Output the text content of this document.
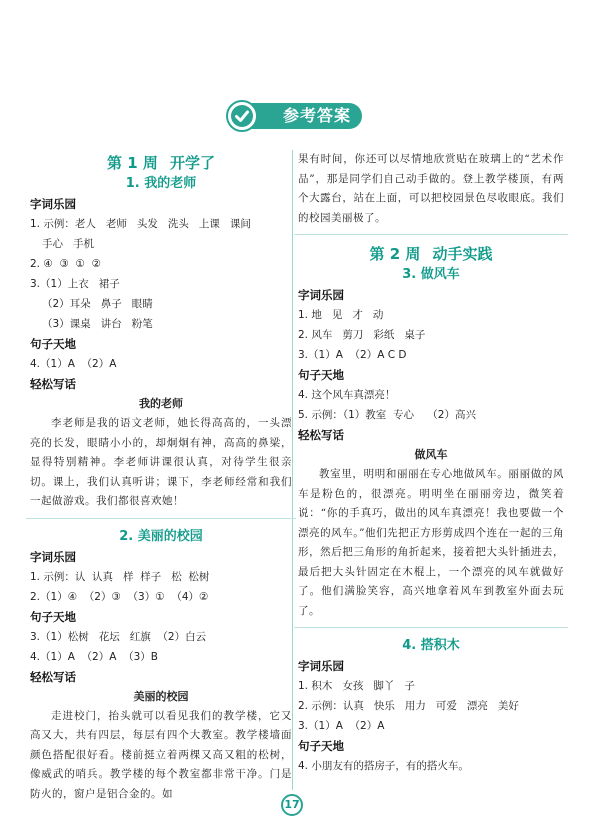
参考答案
第 1 周 开学了
1. 我的老师
字词乐园
1. 示例：老人   老师   头发   洗头   上课   课间
手心   手机
2. ④  ③  ①  ②
3.（1）上衣   裙子
（2）耳朵   鼻子   眼睛
（3）课桌   讲台   粉笔
句子天地
4.（1）A  （2）A
轻松写话
我的老师
李老师是我的语文老师，她长得高高的，一头漂亮的长发，眼睛小小的，却炯炯有神，高高的鼻梁，显得特别精神。李老师讲课很认真，对待学生很亲切。课上，我们认真听讲；课下，李老师经常和我们一起做游戏。我们都很喜欢她！
2. 美丽的校园
字词乐园
1. 示例：认  认真   样  样子   松  松树
2.（1）④  （2）③  （3）①  （4）②
句子天地
3.（1）松树   花坛   红旗  （2）白云
4.（1）A  （2）A  （3）B
轻松写话
美丽的校园
走进校门，抬头就可以看见我们的教学楼，它又高又大，共有四层，每层有四个大教室。教学楼墙面颜色搭配很好看。楼前挺立着两棵又高又粗的松树，像威武的哨兵。教学楼的每个教室都非常干净。门是防火的，窗户是铝合金的。如
果有时间，你还可以尽情地欣赏贴在玻璃上的“艺术作品”，那是同学们自己动手做的。登上教学楼顶，有两个大露台，站在上面，可以把校园景色尽收眼底。我们的校园美丽极了。
第 2 周 动手实践
3. 做风车
字词乐园
1. 地   见   才   动
2. 风车   剪刀   彩纸   桌子
3.（1）A  （2）A C D
句子天地
4. 这个风车真漂亮！
5. 示例：（1）教室  专心    （2）高兴
轻松写话
做风车
教室里，明明和丽丽在专心地做风车。丽丽做的风车是粉色的，很漂亮。明明坐在丽丽旁边，微笑着说：“你的手真巧，做出的风车真漂亮！我也要做一个漂亮的风车。”他们先把正方形剪成四个连在一起的三角形，然后把三角形的角折起来，接着把大头针插进去，最后把大头针固定在木棍上，一个漂亮的风车就做好了。他们满脸笑容，高兴地拿着风车到教室外面去玩了。
4. 搭积木
字词乐园
1. 积木   女孩   脚丫   子
2. 示例：认真   快乐   用力   可爱   漂亮   美好
3.（1）A  （2）A
句子天地
4. 小朋友有的搭房子，有的搭火车。
17
